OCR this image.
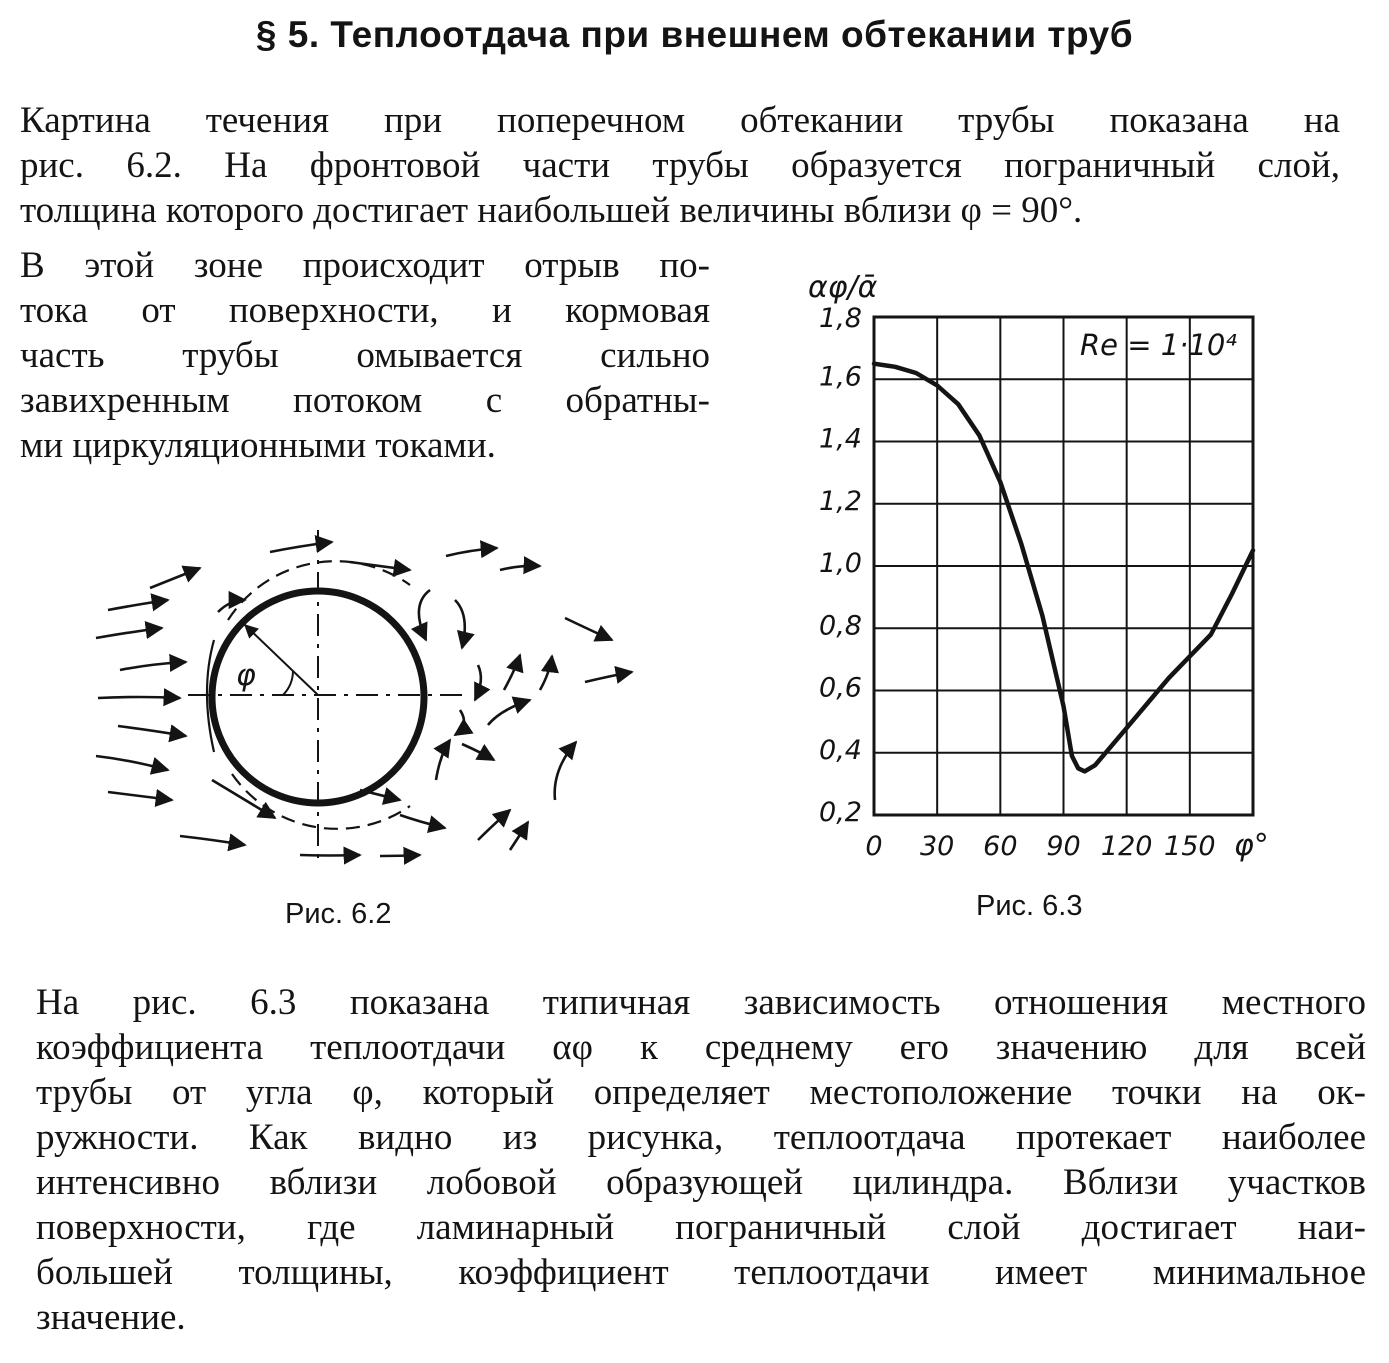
§ 5. Теплоотдача при внешнем обтекании труб
Картина течения при поперечном обтекании трубы показана на
рис. 6.2. На фронтовой части трубы образуется пограничный слой,
толщина которого достигает наибольшей величины вблизи φ = 90°.
В этой зоне происходит отрыв по-
тока от поверхности, и кормовая
часть трубы омывается сильно
завихренным потоком с обратны-
ми циркуляционными токами.
φ
Рис. 6.2
0 30 60 90 120 150
1,8
1,6
1,4
1,2
1,0
0,8
0,6
0,4
0,2
αφ/ᾱ
φ°
Re = 1·10⁴
Рис. 6.3
На рис. 6.3 показана типичная зависимость отношения местного
коэффициента теплоотдачи αφ к среднему его значению для всей
трубы от угла φ, который определяет местоположение точки на ок-
ружности. Как видно из рисунка, теплоотдача протекает наиболее
интенсивно вблизи лобовой образующей цилиндра. Вблизи участков
поверхности, где ламинарный пограничный слой достигает наи-
большей толщины, коэффициент теплоотдачи имеет минимальное
значение.
